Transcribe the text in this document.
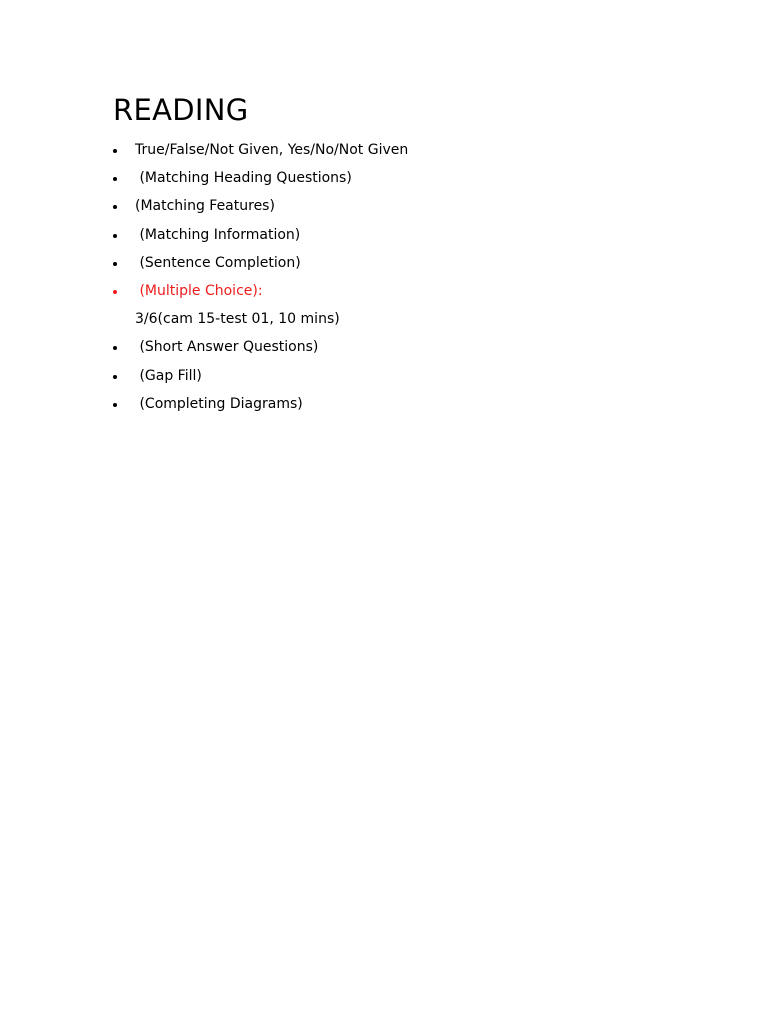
READING
True/False/Not Given, Yes/No/Not Given
(Matching Heading Questions)
(Matching Features)
(Matching Information)
(Sentence Completion)
(Multiple Choice):
3/6(cam 15-test 01, 10 mins)
(Short Answer Questions)
(Gap Fill)
(Completing Diagrams)
